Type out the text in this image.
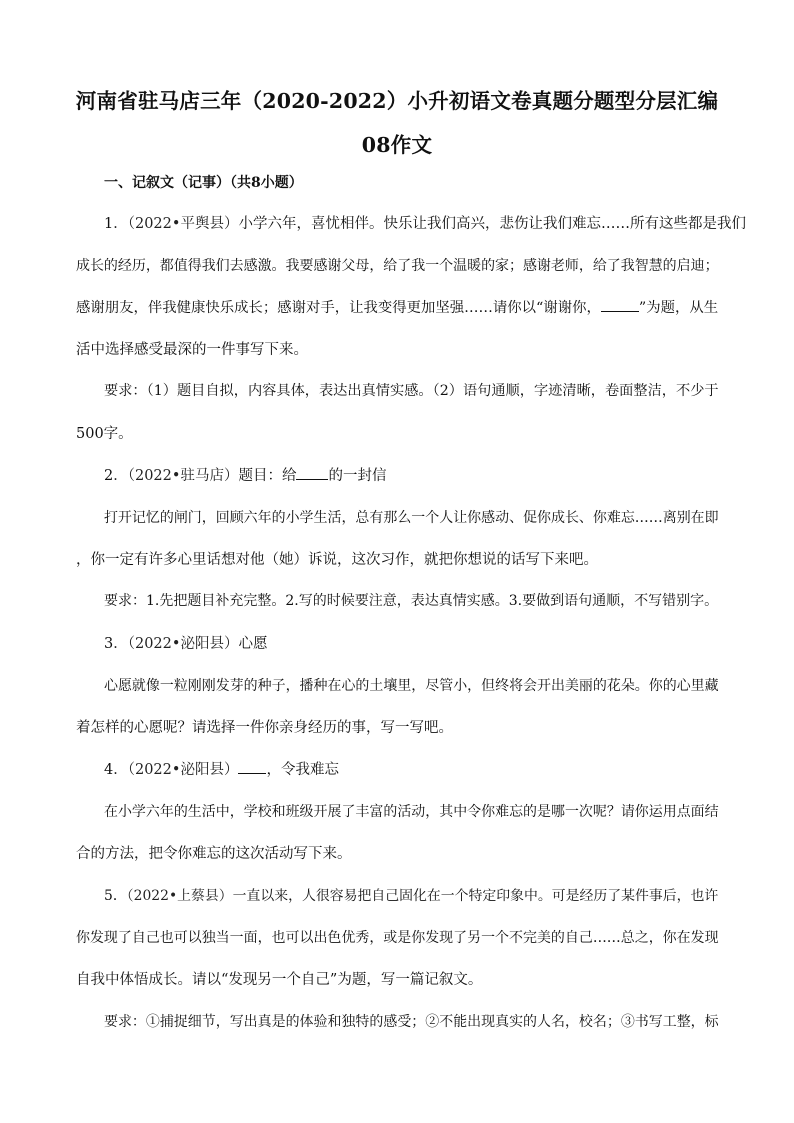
河南省驻马店三年（2020-2022）小升初语文卷真题分题型分层汇编
08作文
一、记叙文（记事）（共8小题）
1．（2022•平舆县）小学六年，喜忧相伴。快乐让我们高兴，悲伤让我们难忘……所有这些都是我们
成长的经历，都值得我们去感激。我要感谢父母，给了我一个温暖的家；感谢老师，给了我智慧的启迪；
感谢朋友，伴我健康快乐成长；感谢对手，让我变得更加坚强……请你以“谢谢你，	”为题，从生
活中选择感受最深的一件事写下来。
要求：（1）题目自拟，内容具体，表达出真情实感。（2）语句通顺，字迹清晰，卷面整洁，不少于
500字。
2．（2022•驻马店）题目：给 的一封信
打开记忆的闸门，回顾六年的小学生活，总有那么一个人让你感动、促你成长、你难忘……离别在即
，你一定有许多心里话想对他（她）诉说，这次习作，就把你想说的话写下来吧。
要求：1.先把题目补充完整。2.写的时候要注意，表达真情实感。3.要做到语句通顺，不写错别字。
3．（2022•泌阳县）心愿
心愿就像一粒刚刚发芽的种子，播种在心的土壤里，尽管小，但终将会开出美丽的花朵。你的心里藏
着怎样的心愿呢？请选择一件你亲身经历的事，写一写吧。
4．（2022•泌阳县） ，令我难忘
在小学六年的生活中，学校和班级开展了丰富的活动，其中令你难忘的是哪一次呢？请你运用点面结
合的方法，把令你难忘的这次活动写下来。
5．（2022•上蔡县）一直以来，人很容易把自己固化在一个特定印象中。可是经历了某件事后，也许
你发现了自己也可以独当一面，也可以出色优秀，或是你发现了另一个不完美的自己……总之，你在发现
自我中体悟成长。请以“发现另一个自己”为题，写一篇记叙文。
要求：①捕捉细节，写出真是的体验和独特的感受；②不能出现真实的人名，校名；③书写工整，标
